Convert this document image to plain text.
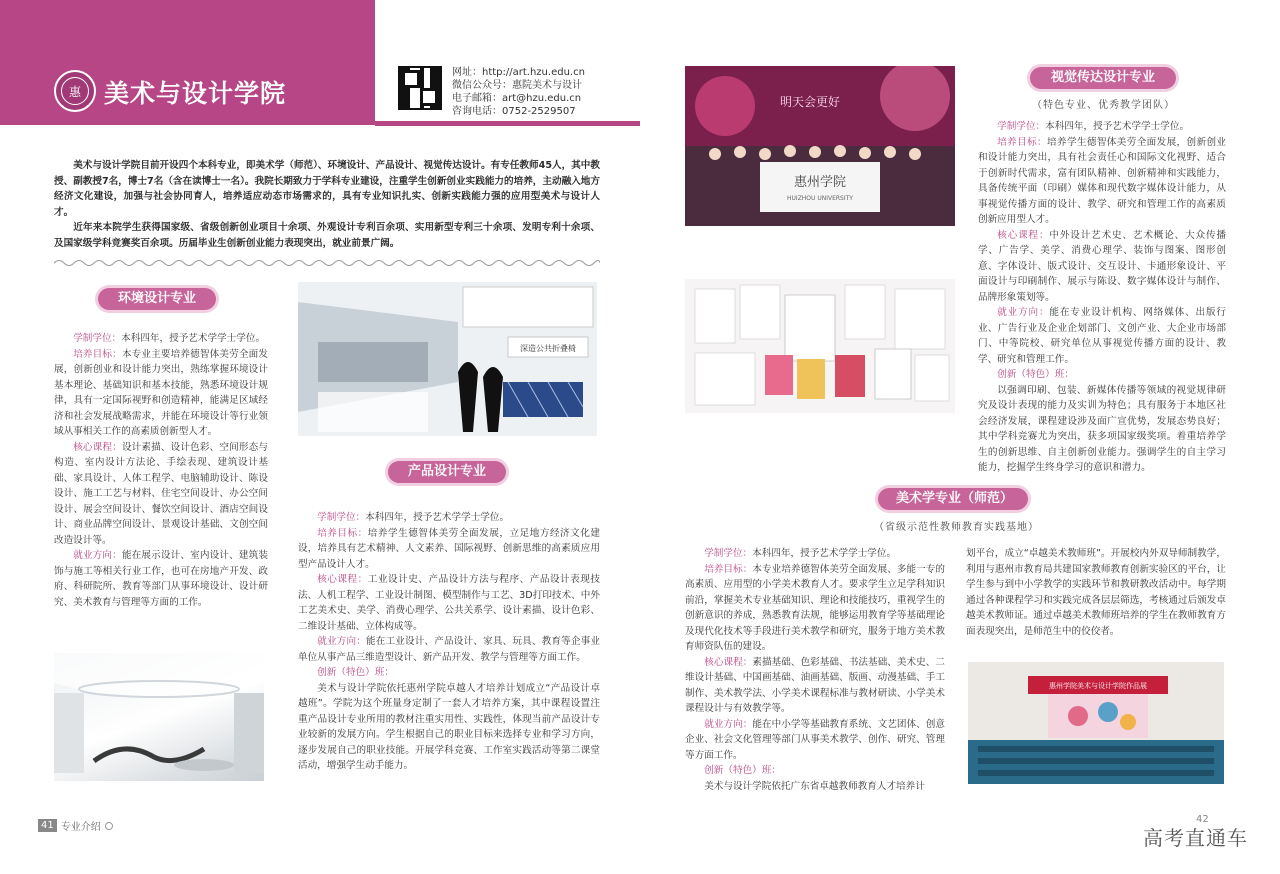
惠 美术与设计学院
网址：http://art.hzu.edu.cn
微信公众号：惠院美术与设计
电子邮箱：art@hzu.edu.cn
咨询电话：0752-2529507

美术与设计学院目前开设四个本科专业，即美术学（师范）、环境设计、产品设计、视觉传达设计。有专任教师45人，其中教授、副教授7名，博士7名（含在读博士一名）。我院长期致力于学科专业建设，注重学生创新创业实践能力的培养，主动融入地方经济文化建设，加强与社会协同育人，培养适应动态市场需求的，具有专业知识扎实、创新实践能力强的应用型美术与设计人才。

近年来本院学生获得国家级、省级创新创业项目十余项、外观设计专利百余项、实用新型专利三十余项、发明专利十余项、及国家级学科竞赛奖百余项。历届毕业生创新创业能力表现突出，就业前景广阔。

环境设计专业

学制学位：本科四年，授予艺术学学士学位。

培养目标：本专业主要培养德智体美劳全面发展，创新创业和设计能力突出，熟练掌握环境设计基本理论、基础知识和基本技能，熟悉环境设计规律，具有一定国际视野和创造精神，能满足区域经济和社会发展战略需求，并能在环境设计等行业领域从事相关工作的高素质创新型人才。

核心课程：设计素描、设计色彩、空间形态与构造、室内设计方法论、手绘表现、建筑设计基础、家具设计、人体工程学、电脑辅助设计、陈设设计、施工工艺与材料、住宅空间设计、办公空间设计、展会空间设计、餐饮空间设计、酒店空间设计、商业品牌空间设计、景观设计基础、文创空间改造设计等。

就业方向：能在展示设计、室内设计、建筑装饰与施工等相关行业工作，也可在房地产开发、政府、科研院所、教育等部门从事环境设计、设计研究、美术教育与管理等方面的工作。

深造公共折叠椅
产品设计专业

学制学位：本科四年，授予艺术学学士学位。

培养目标：培养学生德智体美劳全面发展，立足地方经济文化建设，培养具有艺术精神、人文素养、国际视野、创新思维的高素质应用型产品设计人才。

核心课程：工业设计史、产品设计方法与程序、产品设计表现技法、人机工程学、工业设计制图、模型制作与工艺、3D打印技术、中外工艺美术史、美学、消费心理学、公共关系学、设计素描、设计色彩、二维设计基础、立体构成等。

就业方向：能在工业设计、产品设计、家具、玩具、教育等企事业单位从事产品三维造型设计、新产品开发、教学与管理等方面工作。

创新（特色）班：

美术与设计学院依托惠州学院卓越人才培养计划成立“产品设计卓越班”。学院为这个班量身定制了一套人才培养方案，其中课程设置注重产品设计专业所用的教材注重实用性、实践性，体现当前产品设计专业较新的发展方向。学生根据自己的职业目标来选择专业和学习方向，逐步发展自己的职业技能。开展学科竞赛、工作室实践活动等第二课堂活动，增强学生动手能力。

明天会更好
惠州学院
HUIZHOU UNIVERSITY
视觉传达设计专业
（特色专业、优秀教学团队）

学制学位：本科四年，授予艺术学学士学位。

培养目标：培养学生德智体美劳全面发展，创新创业和设计能力突出，具有社会责任心和国际文化视野、适合于创新时代需求，富有团队精神、创新精神和实践能力，具备传统平面（印刷）媒体和现代数字媒体设计能力，从事视觉传播方面的设计、教学、研究和管理工作的高素质创新应用型人才。

核心课程：中外设计艺术史、艺术概论、大众传播学、广告学、美学、消费心理学、装饰与图案、图形创意、字体设计、版式设计、交互设计、卡通形象设计、平面设计与印刷制作、展示与陈设、数字媒体设计与制作、品牌形象策划等。

就业方向：能在专业设计机构、网络媒体、出版行业、广告行业及企业企划部门、文创产业、大企业市场部门、中等院校、研究单位从事视觉传播方面的设计、教学、研究和管理工作。

创新（特色）班：

以强调印刷、包装、新媒体传播等领域的视觉规律研究及设计表现的能力及实训为特色；具有服务于本地区社会经济发展，课程建设涉及面广宣优势，发展态势良好；其中学科竞赛尤为突出，获多项国家级奖项。着重培养学生的创新思维、自主创新创业能力。强调学生的自主学习能力，挖掘学生终身学习的意识和潜力。

美术学专业（师范）
（省级示范性教师教育实践基地）

学制学位：本科四年，授予艺术学学士学位。

培养目标：本专业培养德智体美劳全面发展、多能一专的高素质、应用型的小学美术教育人才。要求学生立足学科知识前沿，掌握美术专业基础知识、理论和技能技巧，重视学生的创新意识的养成，熟悉教育法规，能够运用教育学等基础理论及现代化技术等手段进行美术教学和研究，服务于地方美术教育师资队伍的建设。

核心课程：素描基础、色彩基础、书法基础、美术史、二维设计基础、中国画基础、油画基础、版画、动漫基础、手工制作、美术教学法、小学美术课程标准与教材研读、小学美术课程设计与有效教学等。

就业方向：能在中小学等基础教育系统、文艺团体、创意企业、社会文化管理等部门从事美术教学、创作、研究、管理等方面工作。

创新（特色）班：

美术与设计学院依托广东省卓越教师教育人才培养计

划平台，成立“卓越美术教师班”。开展校内外双导师制教学，利用与惠州市教育局共建国家教师教育创新实验区的平台，让学生参与到中小学教学的实践环节和教研教改活动中。每学期通过各种课程学习和实践完成各层层筛选，考核通过后颁发卓越美术教师证。通过卓越美术教师班培养的学生在教师教育方面表现突出，是师范生中的佼佼者。

惠州学院美术与设计学院作品展
41 专业介绍
42
高考直通车
